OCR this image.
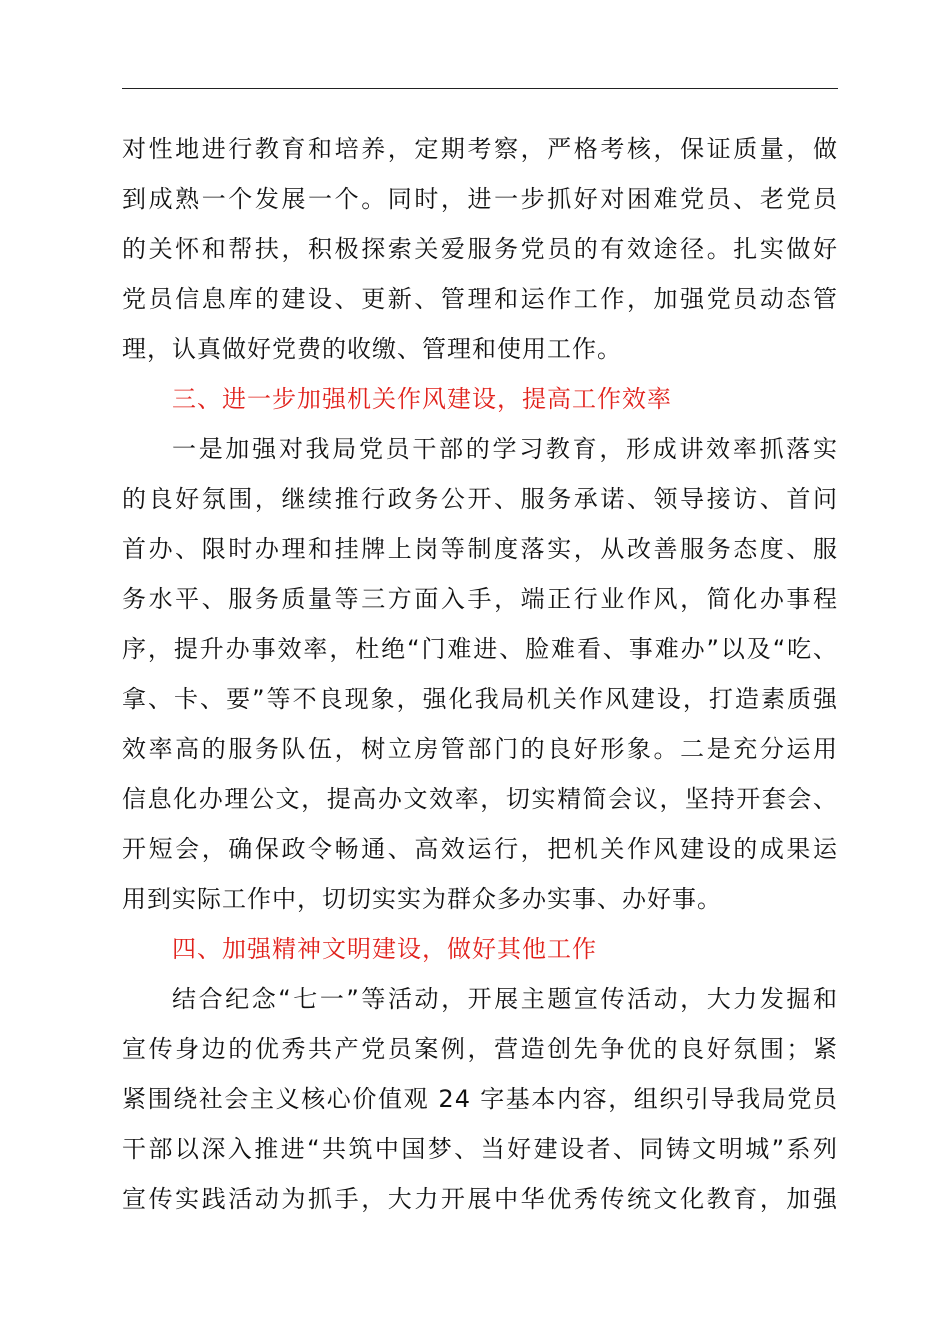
对性地进行教育和培养，定期考察，严格考核，保证质量，做
到成熟一个发展一个。同时，进一步抓好对困难党员、老党员
的关怀和帮扶，积极探索关爱服务党员的有效途径。扎实做好
党员信息库的建设、更新、管理和运作工作，加强党员动态管
理，认真做好党费的收缴、管理和使用工作。
三、进一步加强机关作风建设，提高工作效率
一是加强对我局党员干部的学习教育，形成讲效率抓落实
的良好氛围，继续推行政务公开、服务承诺、领导接访、首问
首办、限时办理和挂牌上岗等制度落实，从改善服务态度、服
务水平、服务质量等三方面入手，端正行业作风，简化办事程
序，提升办事效率，杜绝“门难进、脸难看、事难办”以及“吃、
拿、卡、要”等不良现象，强化我局机关作风建设，打造素质强
效率高的服务队伍，树立房管部门的良好形象。二是充分运用
信息化办理公文，提高办文效率，切实精简会议，坚持开套会、
开短会，确保政令畅通、高效运行，把机关作风建设的成果运
用到实际工作中，切切实实为群众多办实事、办好事。
四、加强精神文明建设，做好其他工作
结合纪念“七一”等活动，开展主题宣传活动，大力发掘和
宣传身边的优秀共产党员案例，营造创先争优的良好氛围；紧
紧围绕社会主义核心价值观 24 字基本内容，组织引导我局党员
干部以深入推进“共筑中国梦、当好建设者、同铸文明城”系列
宣传实践活动为抓手，大力开展中华优秀传统文化教育，加强
